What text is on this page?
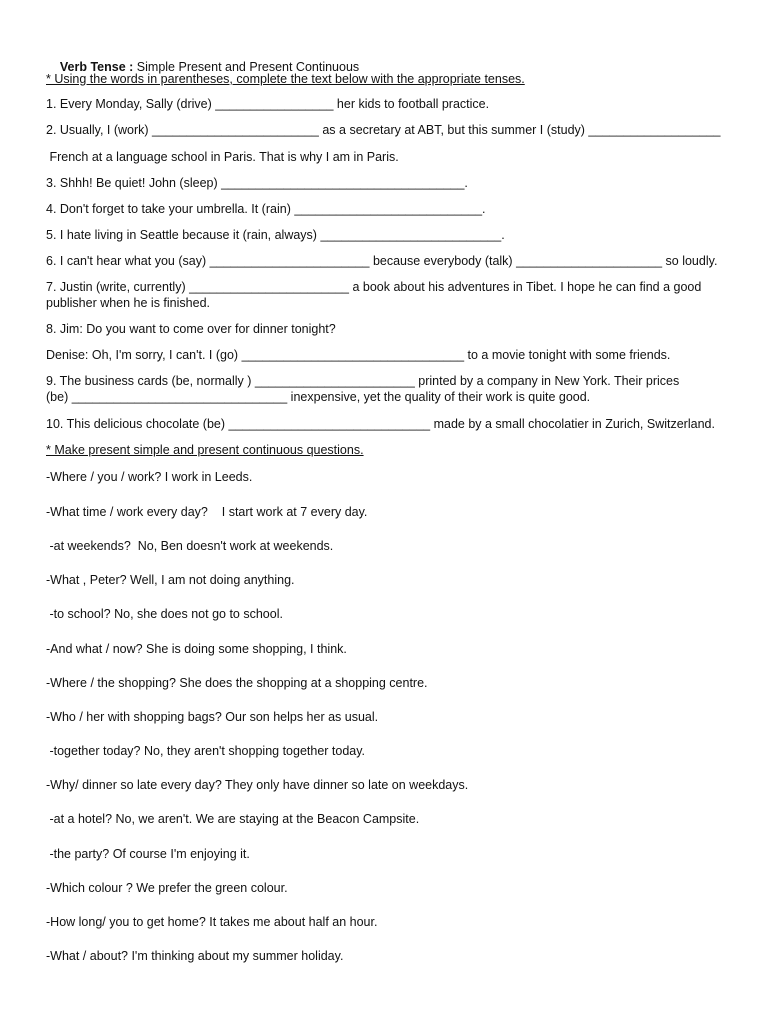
Verb Tense : Simple Present and Present Continuous

* Using the words in parentheses, complete the text below with the appropriate tenses.
1. Every Monday, Sally (drive) _________________ her kids to football practice.
2. Usually, I (work) ________________________ as a secretary at ABT, but this summer I (study) ___________________
French at a language school in Paris. That is why I am in Paris.
3. Shhh! Be quiet! John (sleep) ___________________________________.
4. Don't forget to take your umbrella. It (rain) ___________________________.
5. I hate living in Seattle because it (rain, always) __________________________.
6. I can't hear what you (say) _______________________ because everybody (talk) _____________________ so loudly.
7. Justin (write, currently) _______________________ a book about his adventures in Tibet. I hope he can find a good
publisher when he is finished.
8. Jim: Do you want to come over for dinner tonight?
Denise: Oh, I'm sorry, I can't. I (go) ________________________________ to a movie tonight with some friends.
9. The business cards (be, normally ) _______________________ printed by a company in New York. Their prices
(be) _______________________________ inexpensive, yet the quality of their work is quite good.
10. This delicious chocolate (be) _____________________________ made by a small chocolatier in Zurich, Switzerland.
* Make present simple and present continuous questions.
-Where / you / work? I work in Leeds.
-What time / work every day?    I start work at 7 every day.
-at weekends?  No, Ben doesn't work at weekends.
-What , Peter? Well, I am not doing anything.
-to school? No, she does not go to school.
-And what / now? She is doing some shopping, I think.
-Where / the shopping? She does the shopping at a shopping centre.
-Who / her with shopping bags? Our son helps her as usual.
-together today? No, they aren't shopping together today.
-Why/ dinner so late every day? They only have dinner so late on weekdays.
-at a hotel? No, we aren't. We are staying at the Beacon Campsite.
-the party? Of course I'm enjoying it.
-Which colour ? We prefer the green colour.
-How long/ you to get home? It takes me about half an hour.
-What / about? I'm thinking about my summer holiday.
